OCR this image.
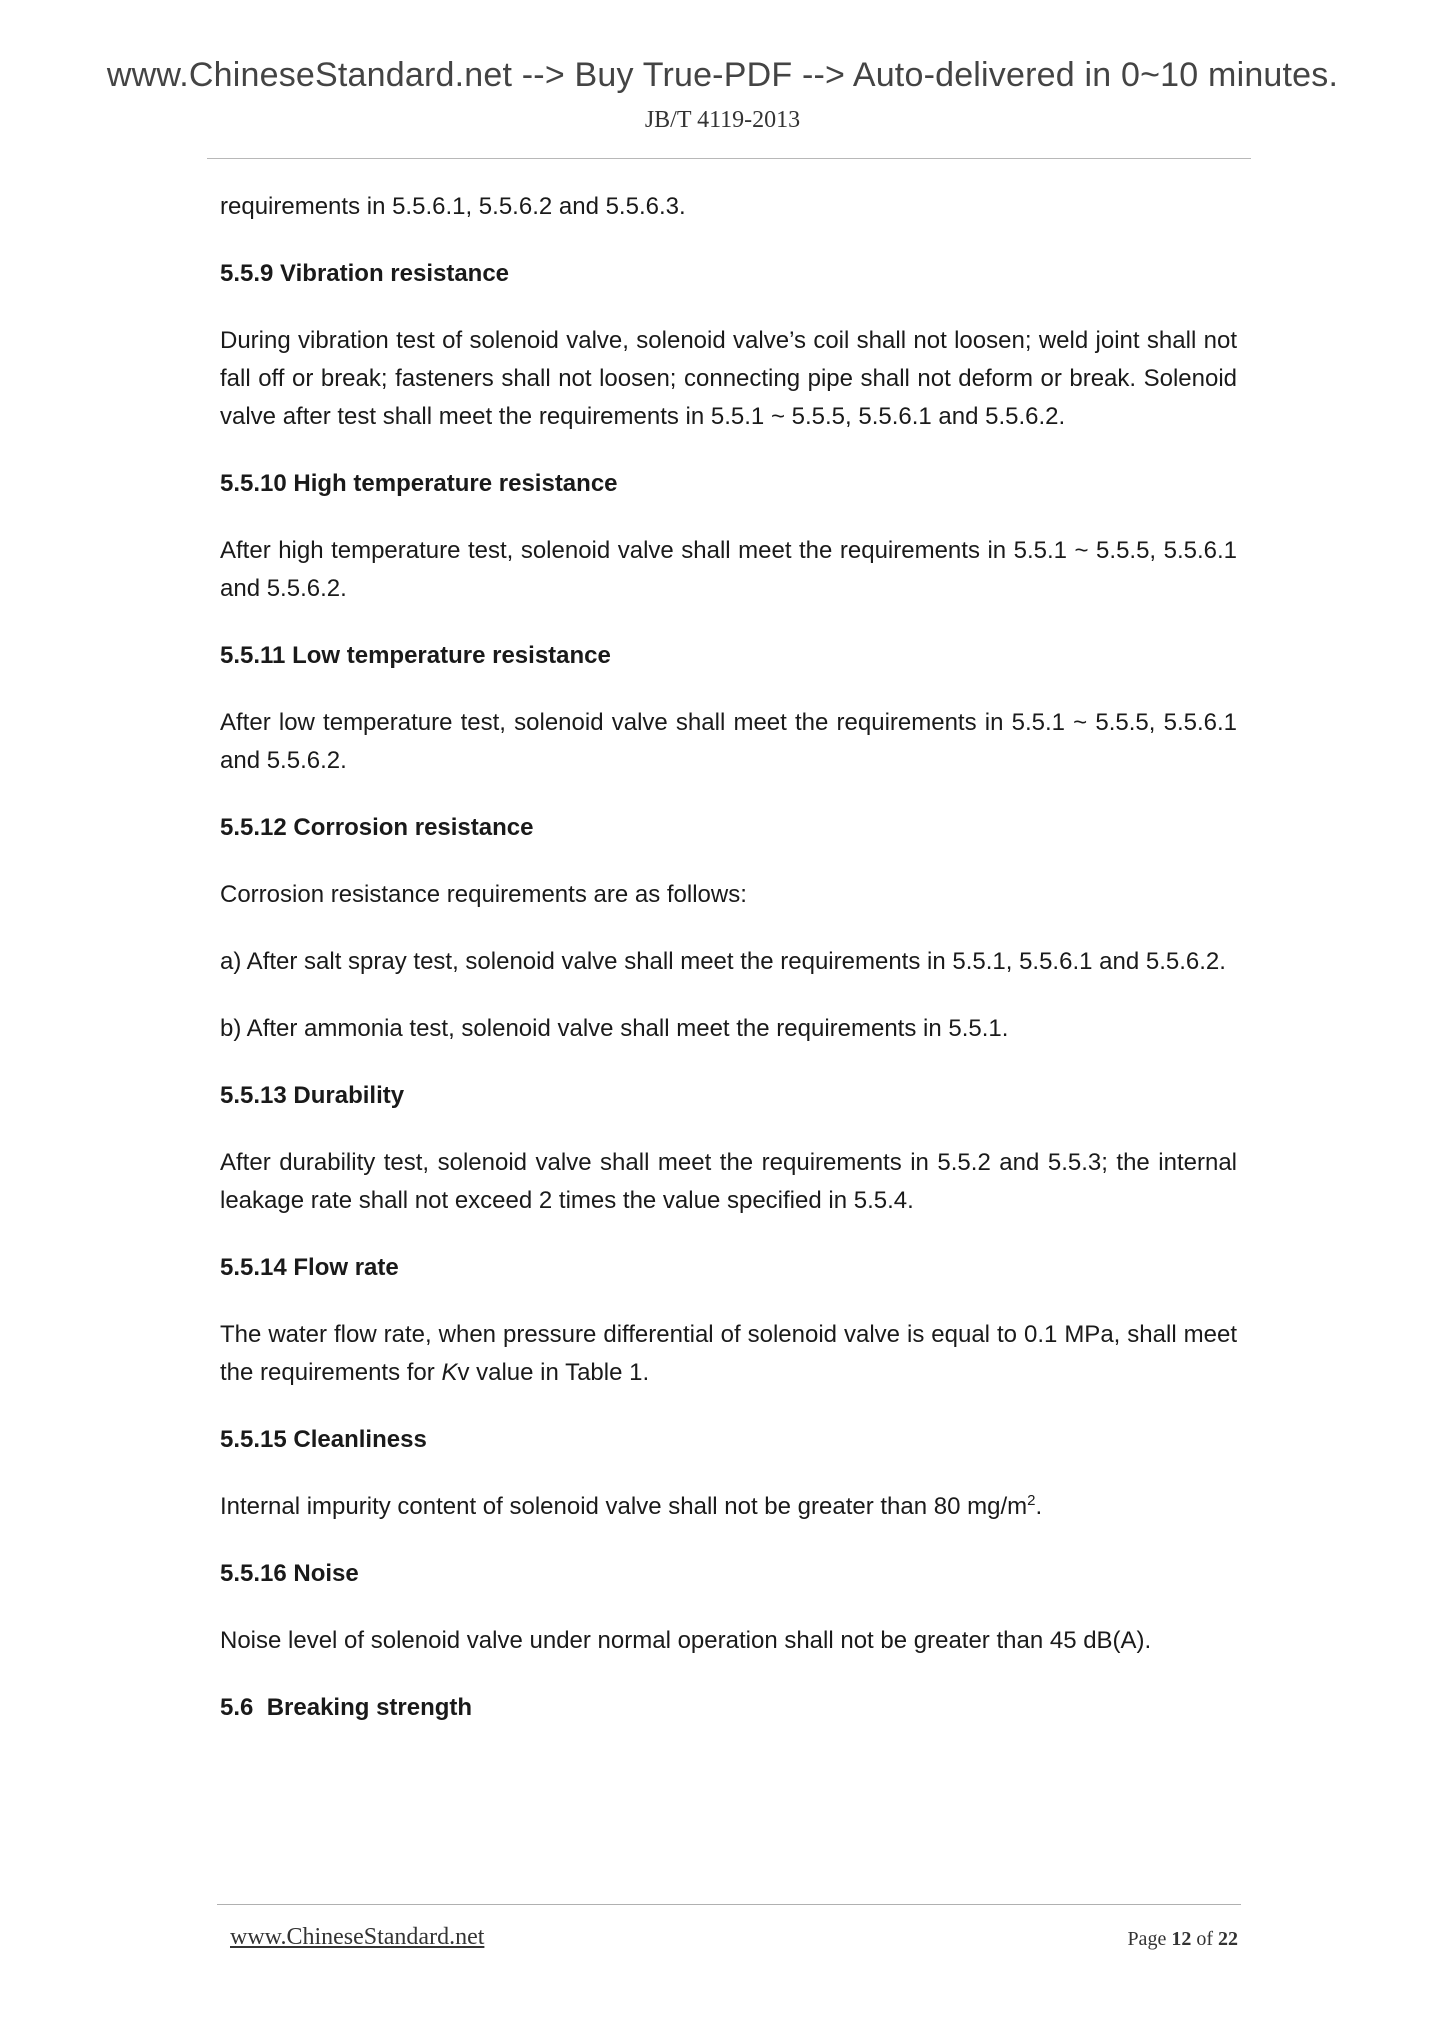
www.ChineseStandard.net --> Buy True-PDF --> Auto-delivered in 0~10 minutes.
JB/T 4119-2013

requirements in 5.5.6.1, 5.5.6.2 and 5.5.6.3.

5.5.9 Vibration resistance

During vibration test of solenoid valve, solenoid valve’s coil shall not loosen; weld joint shall not fall off or break; fasteners shall not loosen; connecting pipe shall not deform or break. Solenoid valve after test shall meet the requirements in 5.5.1 ~ 5.5.5, 5.5.6.1 and 5.5.6.2.

5.5.10 High temperature resistance

After high temperature test, solenoid valve shall meet the requirements in 5.5.1 ~ 5.5.5, 5.5.6.1 and 5.5.6.2.

5.5.11 Low temperature resistance

After low temperature test, solenoid valve shall meet the requirements in 5.5.1 ~ 5.5.5, 5.5.6.1 and 5.5.6.2.

5.5.12 Corrosion resistance

Corrosion resistance requirements are as follows:

a) After salt spray test, solenoid valve shall meet the requirements in 5.5.1, 5.5.6.1 and 5.5.6.2.

b) After ammonia test, solenoid valve shall meet the requirements in 5.5.1.

5.5.13 Durability

After durability test, solenoid valve shall meet the requirements in 5.5.2 and 5.5.3; the internal leakage rate shall not exceed 2 times the value specified in 5.5.4.

5.5.14 Flow rate

The water flow rate, when pressure differential of solenoid valve is equal to 0.1 MPa, shall meet the requirements for Kv value in Table 1.

5.5.15 Cleanliness

Internal impurity content of solenoid valve shall not be greater than 80 $mg/m^2$.

5.5.16 Noise

Noise level of solenoid valve under normal operation shall not be greater than 45 dB(A).

5.6  Breaking strength

www.ChineseStandard.net	Page 12 of 22
